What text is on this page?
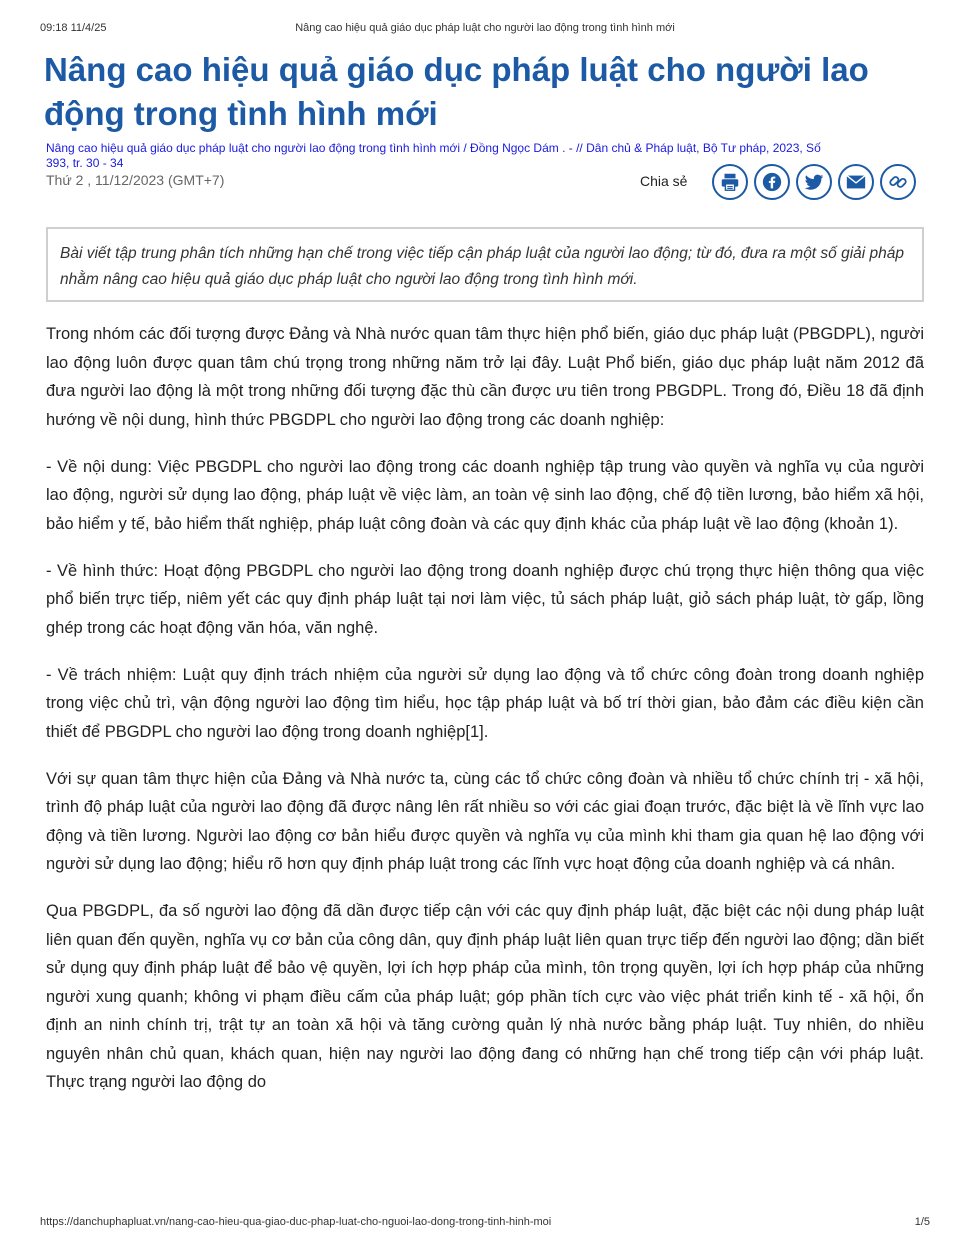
09:18 11/4/25	Nâng cao hiệu quả giáo dục pháp luật cho người lao động trong tình hình mới
Nâng cao hiệu quả giáo dục pháp luật cho người lao động trong tình hình mới
Nâng cao hiệu quả giáo dục pháp luật cho người lao động trong tình hình mới / Đồng Ngọc Dám . - // Dân chủ & Pháp luật, Bộ Tư pháp, 2023, Số
393, tr. 30 - 34
Thứ 2 , 11/12/2023 (GMT+7)	Chia sẻ
Bài viết tập trung phân tích những hạn chế trong việc tiếp cận pháp luật của người lao động; từ đó, đưa ra một số giải pháp nhằm nâng cao hiệu quả giáo dục pháp luật cho người lao động trong tình hình mới.

Trong nhóm các đối tượng được Đảng và Nhà nước quan tâm thực hiện phổ biến, giáo dục pháp luật (PBGDPL), người lao động luôn được quan tâm chú trọng trong những năm trở lại đây. Luật Phổ biến, giáo dục pháp luật năm 2012 đã đưa người lao động là một trong những đối tượng đặc thù cần được ưu tiên trong PBGDPL. Trong đó, Điều 18 đã định hướng về nội dung, hình thức PBGDPL cho người lao động trong các doanh nghiệp:

- Về nội dung: Việc PBGDPL cho người lao động trong các doanh nghiệp tập trung vào quyền và nghĩa vụ của người lao động, người sử dụng lao động, pháp luật về việc làm, an toàn vệ sinh lao động, chế độ tiền lương, bảo hiểm xã hội, bảo hiểm y tế, bảo hiểm thất nghiệp, pháp luật công đoàn và các quy định khác của pháp luật về lao động (khoản 1).

- Về hình thức: Hoạt động PBGDPL cho người lao động trong doanh nghiệp được chú trọng thực hiện thông qua việc phổ biến trực tiếp, niêm yết các quy định pháp luật tại nơi làm việc, tủ sách pháp luật, giỏ sách pháp luật, tờ gấp, lồng ghép trong các hoạt động văn hóa, văn nghệ.

- Về trách nhiệm: Luật quy định trách nhiệm của người sử dụng lao động và tổ chức công đoàn trong doanh nghiệp trong việc chủ trì, vận động người lao động tìm hiểu, học tập pháp luật và bố trí thời gian, bảo đảm các điều kiện cần thiết để PBGDPL cho người lao động trong doanh nghiệp[1].

Với sự quan tâm thực hiện của Đảng và Nhà nước ta, cùng các tổ chức công đoàn và nhiều tổ chức chính trị - xã hội, trình độ pháp luật của người lao động đã được nâng lên rất nhiều so với các giai đoạn trước, đặc biệt là về lĩnh vực lao động và tiền lương. Người lao động cơ bản hiểu được quyền và nghĩa vụ của mình khi tham gia quan hệ lao động với người sử dụng lao động; hiểu rõ hơn quy định pháp luật trong các lĩnh vực hoạt động của doanh nghiệp và cá nhân.

Qua PBGDPL, đa số người lao động đã dần được tiếp cận với các quy định pháp luật, đặc biệt các nội dung pháp luật liên quan đến quyền, nghĩa vụ cơ bản của công dân, quy định pháp luật liên quan trực tiếp đến người lao động; dần biết sử dụng quy định pháp luật để bảo vệ quyền, lợi ích hợp pháp của mình, tôn trọng quyền, lợi ích hợp pháp của những người xung quanh; không vi phạm điều cấm của pháp luật; góp phần tích cực vào việc phát triển kinh tế - xã hội, ổn định an ninh chính trị, trật tự an toàn xã hội và tăng cường quản lý nhà nước bằng pháp luật. Tuy nhiên, do nhiều nguyên nhân chủ quan, khách quan, hiện nay người lao động đang có những hạn chế trong tiếp cận với pháp luật. Thực trạng người lao động do

https://danchuphapluat.vn/nang-cao-hieu-qua-giao-duc-phap-luat-cho-nguoi-lao-dong-trong-tinh-hinh-moi	1/5
